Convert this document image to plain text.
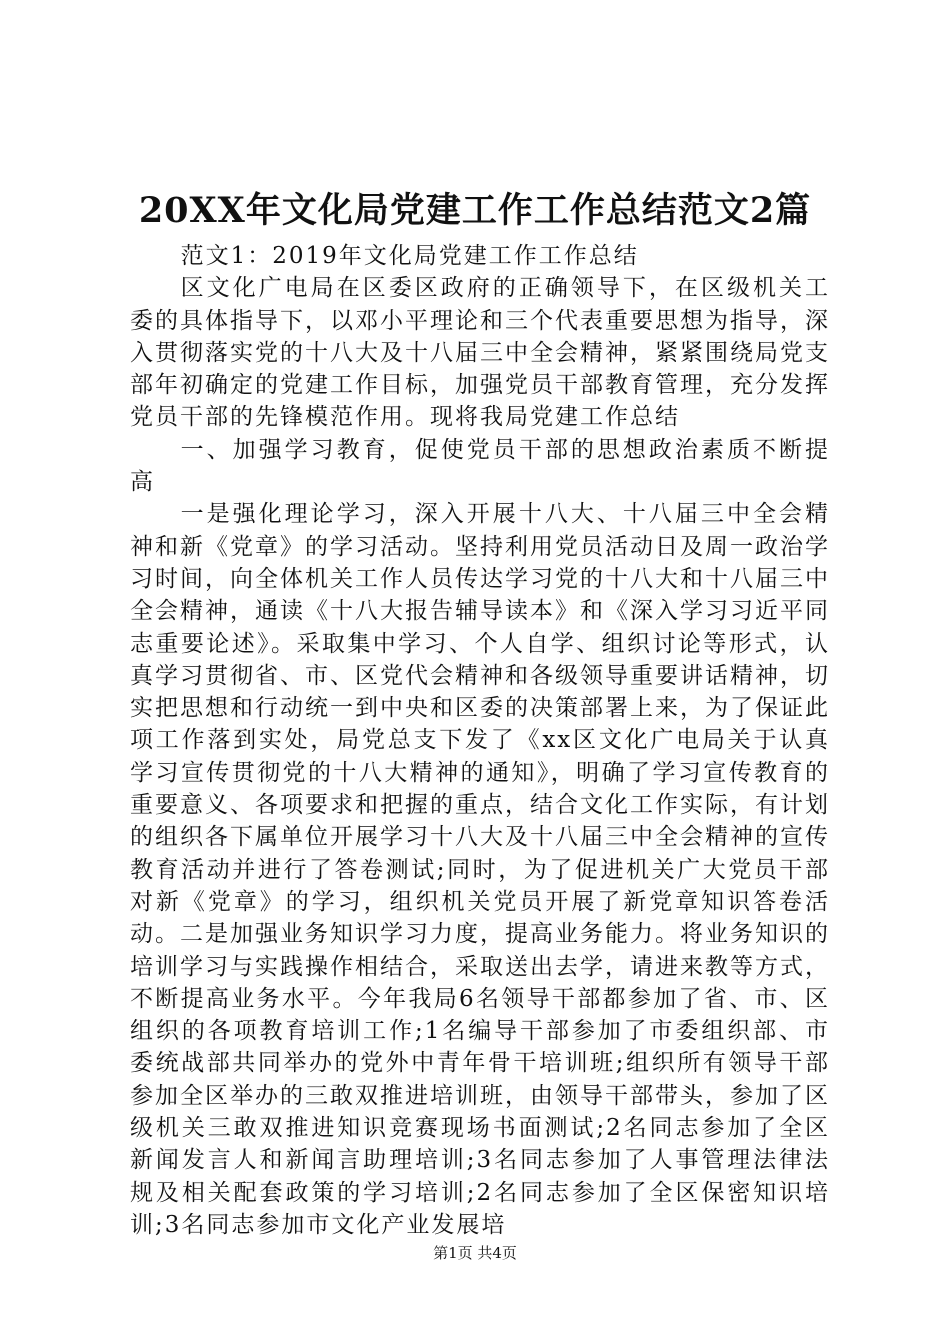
20XX年文化局党建工作工作总结范文2篇

范文1：2019年文化局党建工作工作总结

区文化广电局在区委区政府的正确领导下，在区级机关工委的具体指导下，以邓小平理论和三个代表重要思想为指导，深入贯彻落实党的十八大及十八届三中全会精神，紧紧围绕局党支部年初确定的党建工作目标，加强党员干部教育管理，充分发挥党员干部的先锋模范作用。现将我局党建工作总结

一、加强学习教育，促使党员干部的思想政治素质不断提高

一是强化理论学习，深入开展十八大、十八届三中全会精神和新《党章》的学习活动。坚持利用党员活动日及周一政治学习时间，向全体机关工作人员传达学习党的十八大和十八届三中全会精神，通读《十八大报告辅导读本》和《深入学习习近平同志重要论述》。采取集中学习、个人自学、组织讨论等形式，认真学习贯彻省、市、区党代会精神和各级领导重要讲话精神，切实把思想和行动统一到中央和区委的决策部署上来，为了保证此项工作落到实处，局党总支下发了《xx区文化广电局关于认真学习宣传贯彻党的十八大精神的通知》，明确了学习宣传教育的重要意义、各项要求和把握的重点，结合文化工作实际，有计划的组织各下属单位开展学习十八大及十八届三中全会精神的宣传教育活动并进行了答卷测试;同时，为了促进机关广大党员干部对新《党章》的学习，组织机关党员开展了新党章知识答卷活动。二是加强业务知识学习力度，提高业务能力。将业务知识的培训学习与实践操作相结合，采取送出去学，请进来教等方式，不断提高业务水平。今年我局6名领导干部都参加了省、市、区组织的各项教育培训工作;1名编导干部参加了市委组织部、市委统战部共同举办的党外中青年骨干培训班;组织所有领导干部参加全区举办的三敢双推进培训班，由领导干部带头，参加了区级机关三敢双推进知识竞赛现场书面测试;2名同志参加了全区新闻发言人和新闻言助理培训;3名同志参加了人事管理法律法规及相关配套政策的学习培训;2名同志参加了全区保密知识培训;3名同志参加市文化产业发展培

第1页 共4页
